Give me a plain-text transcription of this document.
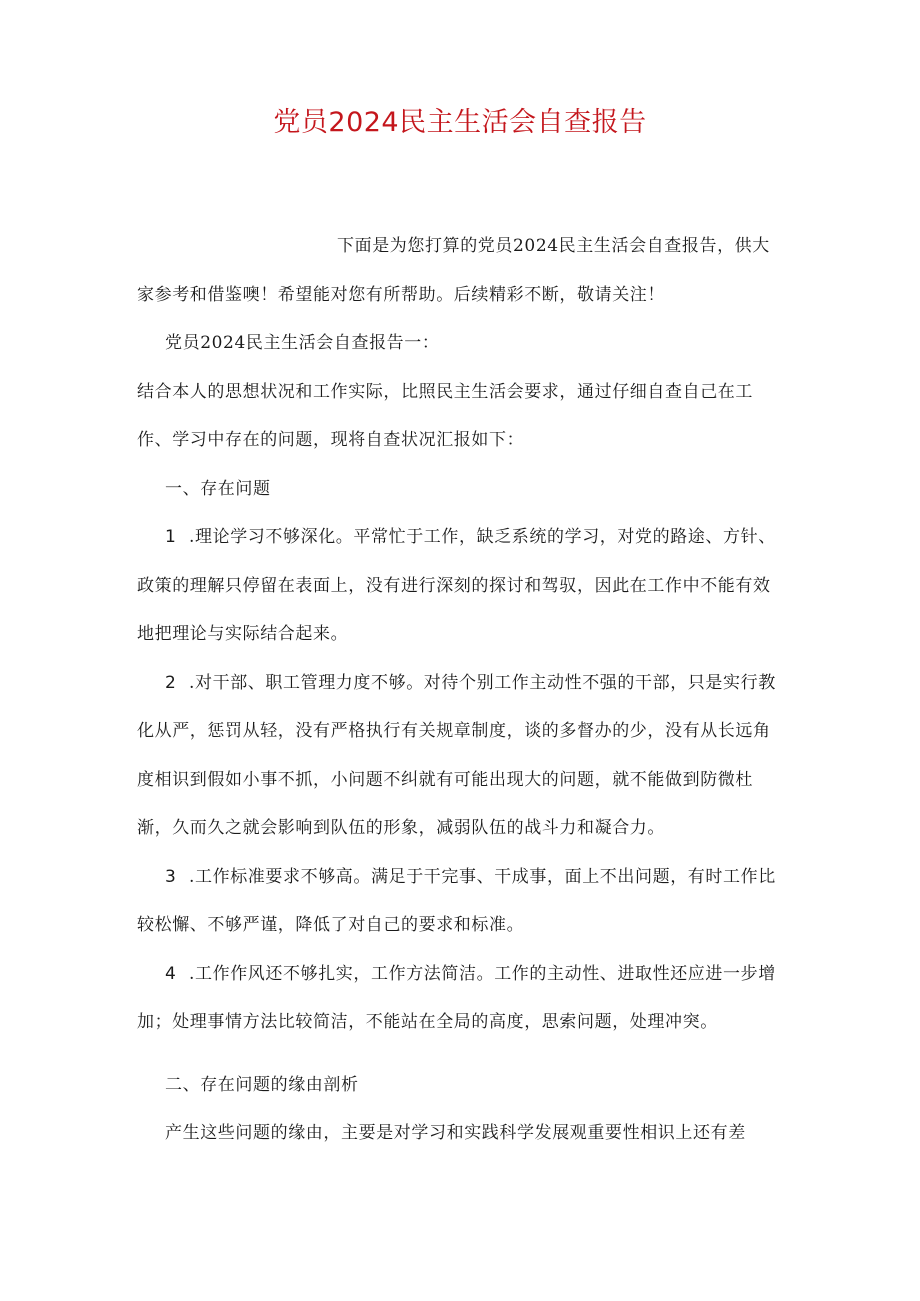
党员2024民主生活会自查报告

下面是为您打算的党员2024民主生活会自查报告，供大家参考和借鉴噢！希望能对您有所帮助。后续精彩不断，敬请关注！

党员2024民主生活会自查报告一：

结合本人的思想状况和工作实际，比照民主生活会要求，通过仔细自查自己在工作、学习中存在的问题，现将自查状况汇报如下：

一、存在问题

1 .理论学习不够深化。平常忙于工作，缺乏系统的学习，对党的路途、方针、政策的理解只停留在表面上，没有进行深刻的探讨和驾驭，因此在工作中不能有效地把理论与实际结合起来。

2 .对干部、职工管理力度不够。对待个别工作主动性不强的干部，只是实行教化从严，惩罚从轻，没有严格执行有关规章制度，谈的多督办的少，没有从长远角度相识到假如小事不抓，小问题不纠就有可能出现大的问题，就不能做到防微杜渐，久而久之就会影响到队伍的形象，减弱队伍的战斗力和凝合力。

3 .工作标准要求不够高。满足于干完事、干成事，面上不出问题，有时工作比较松懈、不够严谨，降低了对自己的要求和标准。

4 .工作作风还不够扎实，工作方法简洁。工作的主动性、进取性还应进一步增加；处理事情方法比较简洁，不能站在全局的高度，思索问题，处理冲突。

二、存在问题的缘由剖析

产生这些问题的缘由，主要是对学习和实践科学发展观重要性相识上还有差
